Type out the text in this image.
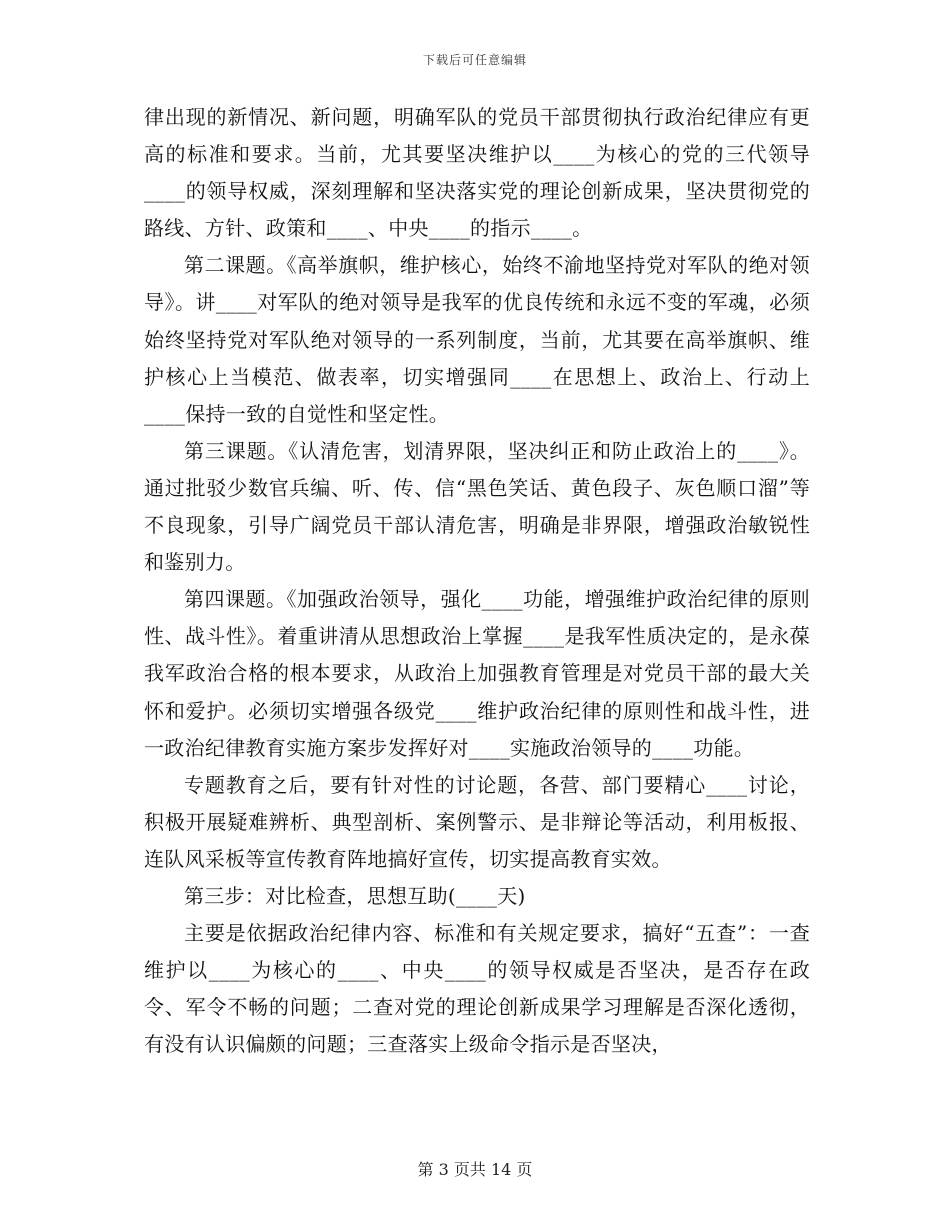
下载后可任意编辑

律出现的新情况、新问题，明确军队的党员干部贯彻执行政治纪律应有更高的标准和要求。当前，尤其要坚决维护以____为核心的党的三代领导____的领导权威，深刻理解和坚决落实党的理论创新成果，坚决贯彻党的路线、方针、政策和____、中央____的指示____。

第二课题。《高举旗帜，维护核心，始终不渝地坚持党对军队的绝对领导》。讲____对军队的绝对领导是我军的优良传统和永远不变的军魂，必须始终坚持党对军队绝对领导的一系列制度，当前，尤其要在高举旗帜、维护核心上当模范、做表率，切实增强同____在思想上、政治上、行动上____保持一致的自觉性和坚定性。

第三课题。《认清危害，划清界限，坚决纠正和防止政治上的____》。通过批驳少数官兵编、听、传、信“黑色笑话、黄色段子、灰色顺口溜”等不良现象，引导广阔党员干部认清危害，明确是非界限，增强政治敏锐性和鉴别力。

第四课题。《加强政治领导，强化____功能，增强维护政治纪律的原则性、战斗性》。着重讲清从思想政治上掌握____是我军性质决定的，是永葆我军政治合格的根本要求，从政治上加强教育管理是对党员干部的最大关怀和爱护。必须切实增强各级党____维护政治纪律的原则性和战斗性，进一政治纪律教育实施方案步发挥好对____实施政治领导的____功能。

专题教育之后，要有针对性的讨论题，各营、部门要精心____讨论，积极开展疑难辨析、典型剖析、案例警示、是非辩论等活动，利用板报、连队风采板等宣传教育阵地搞好宣传，切实提高教育实效。

第三步：对比检查，思想互助(____天)

主要是依据政治纪律内容、标准和有关规定要求，搞好“五查”：一查维护以____为核心的____、中央____的领导权威是否坚决，是否存在政令、军令不畅的问题；二查对党的理论创新成果学习理解是否深化透彻，有没有认识偏颇的问题；三查落实上级命令指示是否坚决，

第 3 页共 14 页
